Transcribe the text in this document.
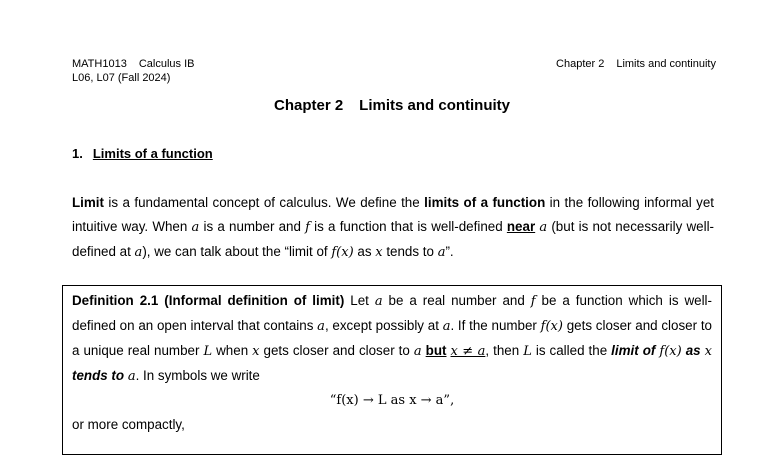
MATH1013 Calculus IB
L06, L07 (Fall 2024)
Chapter 2 Limits and continuity
Chapter 2 Limits and continuity
1. Limits of a function
Limit is a fundamental concept of calculus. We define the limits of a function in the following informal yet intuitive way. When a is a number and f is a function that is well-defined near a (but is not necessarily well-defined at a), we can talk about the “limit of f(x) as x tends to a”.
Definition 2.1 (Informal definition of limit) Let a be a real number and f be a function which is well-defined on an open interval that contains a, except possibly at a. If the number f(x) gets closer and closer to a unique real number L when x gets closer and closer to a but x ≠ a, then L is called the limit of f(x) as x tends to a. In symbols we write
“f(x) → L as x → a”,
or more compactly,
